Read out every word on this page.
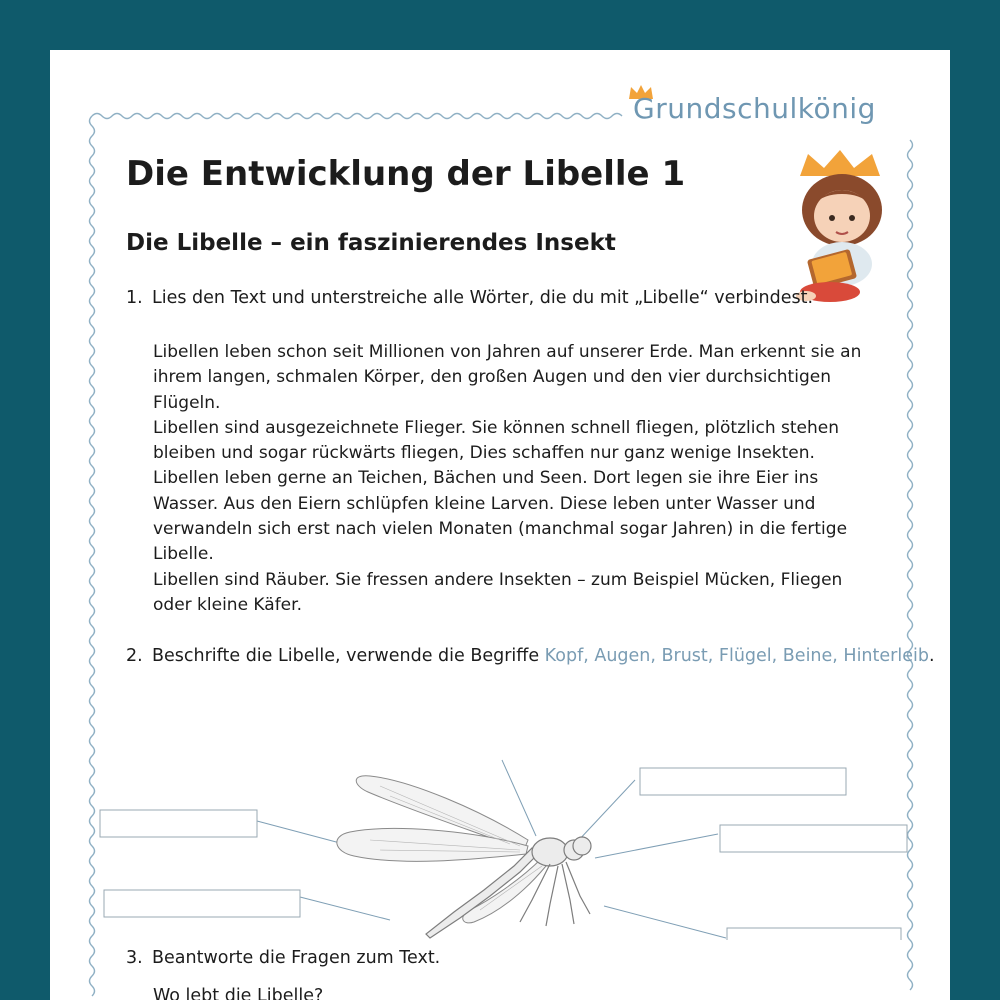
Grundschulkönig
Die Entwicklung der Libelle 1
Die Libelle – ein faszinierendes Insekt
1. Lies den Text und unterstreiche alle Wörter, die du mit „Libelle“ verbindest.

Libellen leben schon seit Millionen von Jahren auf unserer Erde. Man erkennt sie an ihrem langen, schmalen Körper, den großen Augen und den vier durchsichtigen Flügeln.

Libellen sind ausgezeichnete Flieger. Sie können schnell fliegen, plötzlich stehen bleiben und sogar rückwärts fliegen, Dies schaffen nur ganz wenige Insekten.

Libellen leben gerne an Teichen, Bächen und Seen. Dort legen sie ihre Eier ins Wasser. Aus den Eiern schlüpfen kleine Larven. Diese leben unter Wasser und verwandeln sich erst nach vielen Monaten (manchmal sogar Jahren) in die fertige Libelle.

Libellen sind Räuber. Sie fressen andere Insekten – zum Beispiel Mücken, Fliegen oder kleine Käfer.

2. Beschrifte die Libelle, verwende die Begriffe Kopf, Augen, Brust, Flügel, Beine, Hinterleib.
3. Beantworte die Fragen zum Text.
Wo lebt die Libelle?
